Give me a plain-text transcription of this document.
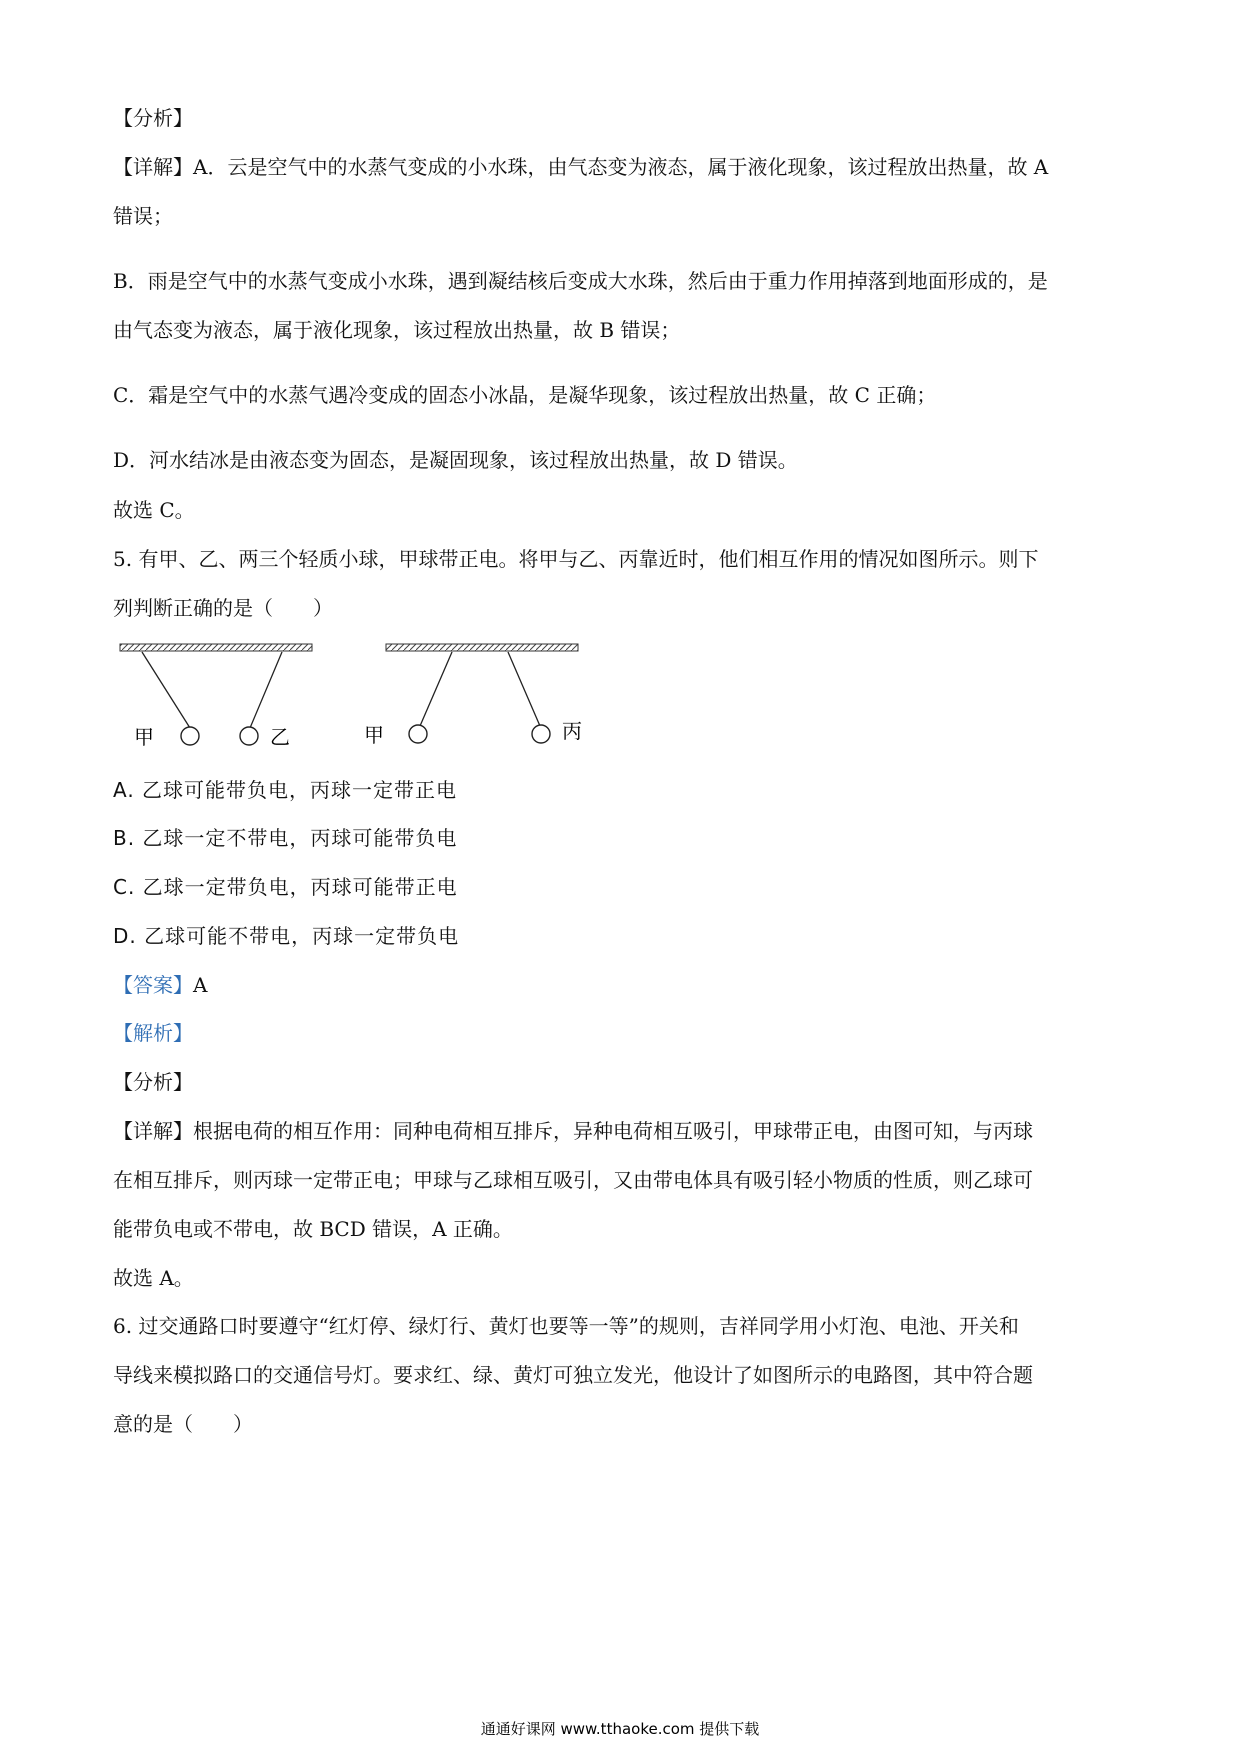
【分析】
【详解】A．云是空气中的水蒸气变成的小水珠，由气态变为液态，属于液化现象，该过程放出热量，故 A
错误；
B．雨是空气中的水蒸气变成小水珠，遇到凝结核后变成大水珠，然后由于重力作用掉落到地面形成的，是
由气态变为液态，属于液化现象，该过程放出热量，故 B 错误；
C．霜是空气中的水蒸气遇冷变成的固态小冰晶，是凝华现象，该过程放出热量，故 C 正确；
D．河水结冰是由液态变为固态，是凝固现象，该过程放出热量，故 D 错误。
故选 C。
5. 有甲、乙、两三个轻质小球，甲球带正电。将甲与乙、丙靠近时，他们相互作用的情况如图所示。则下
列判断正确的是（　　）
甲	乙	甲	丙
A. 乙球可能带负电，丙球一定带正电
B. 乙球一定不带电，丙球可能带负电
C. 乙球一定带负电，丙球可能带正电
D. 乙球可能不带电，丙球一定带负电
【答案】A
【解析】
【分析】
【详解】根据电荷的相互作用：同种电荷相互排斥，异种电荷相互吸引，甲球带正电，由图可知，与丙球
在相互排斥，则丙球一定带正电；甲球与乙球相互吸引，又由带电体具有吸引轻小物质的性质，则乙球可
能带负电或不带电，故 BCD 错误，A 正确。
故选 A。
6. 过交通路口时要遵守“红灯停、绿灯行、黄灯也要等一等”的规则，吉祥同学用小灯泡、电池、开关和
导线来模拟路口的交通信号灯。要求红、绿、黄灯可独立发光，他设计了如图所示的电路图，其中符合题
意的是（　　）
通通好课网 www.tthaoke.com 提供下载
